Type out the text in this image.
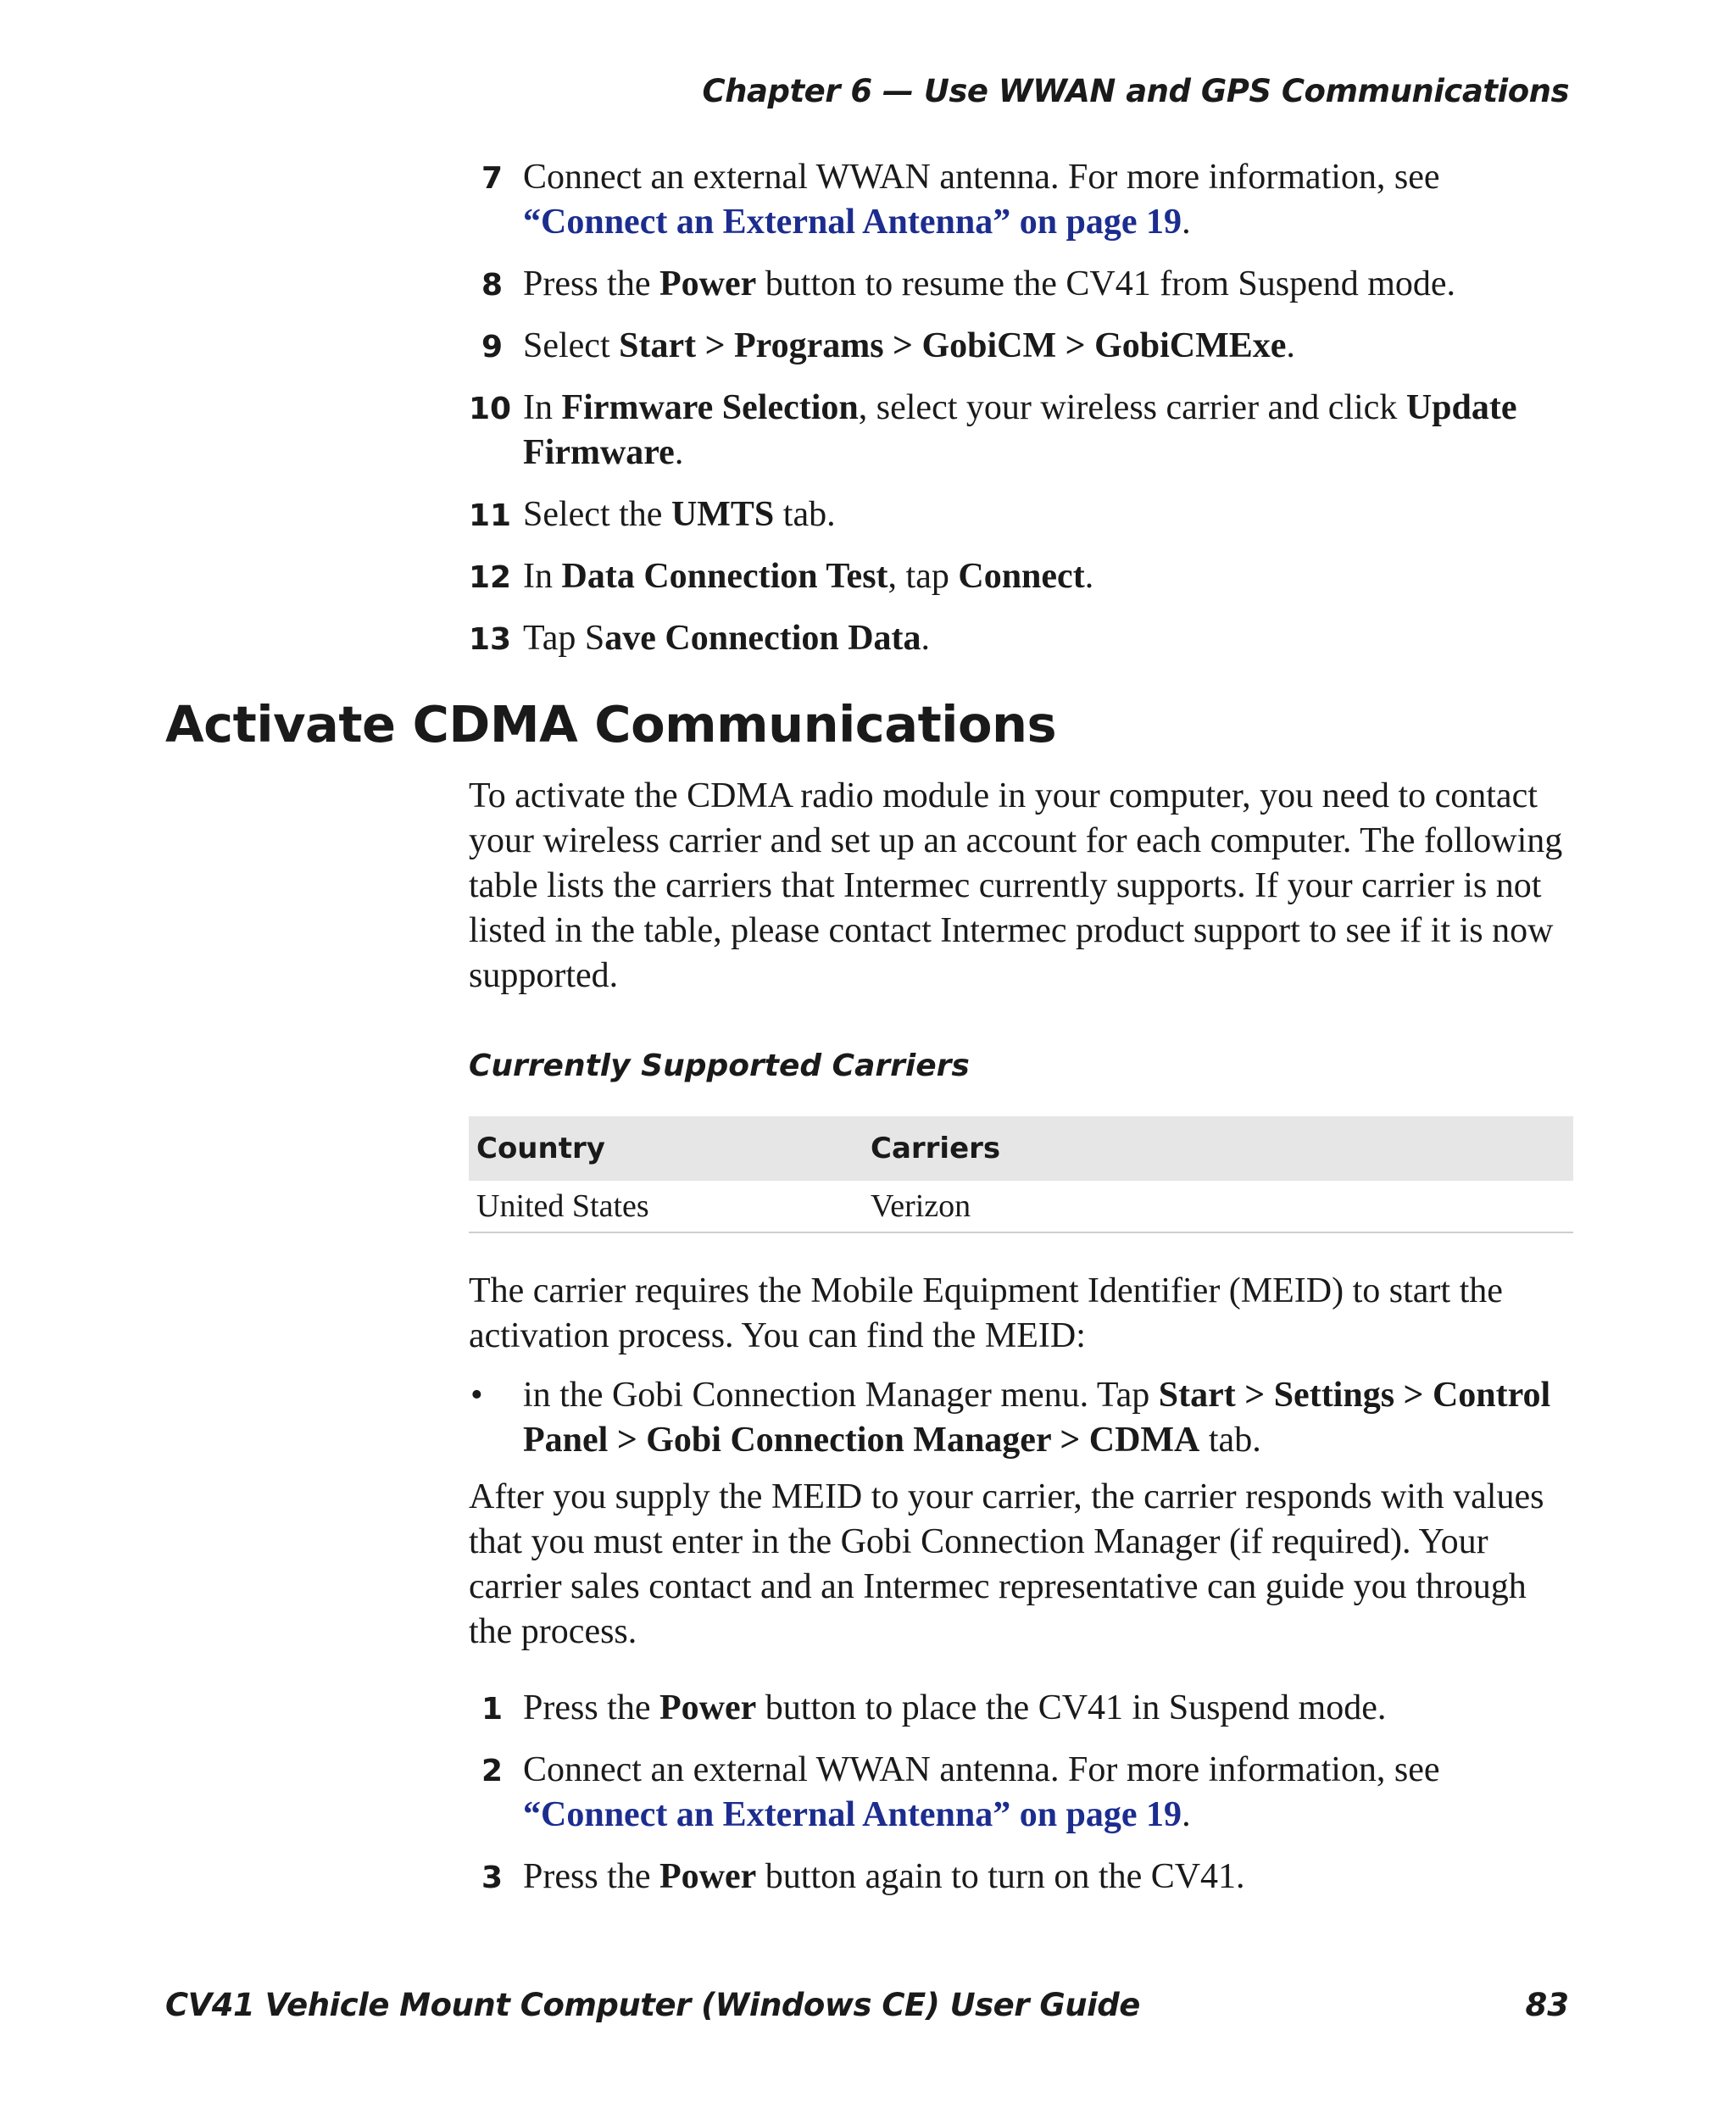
Chapter 6 — Use WWAN and GPS Communications
7 Connect an external WWAN antenna. For more information, see “Connect an External Antenna” on page 19.
8 Press the Power button to resume the CV41 from Suspend mode.
9 Select Start > Programs > GobiCM > GobiCMExe.
10 In Firmware Selection, select your wireless carrier and click Update Firmware.
11 Select the UMTS tab.
12 In Data Connection Test, tap Connect.
13 Tap Save Connection Data.
Activate CDMA Communications

To activate the CDMA radio module in your computer, you need to contact your wireless carrier and set up an account for each computer. The following table lists the carriers that Intermec currently supports. If your carrier is not listed in the table, please contact Intermec product support to see if it is now supported.

Currently Supported Carriers
Country	Carriers
United States	Verizon

The carrier requires the Mobile Equipment Identifier (MEID) to start the activation process. You can find the MEID:

• in the Gobi Connection Manager menu. Tap Start > Settings > Control Panel > Gobi Connection Manager > CDMA tab.

After you supply the MEID to your carrier, the carrier responds with values that you must enter in the Gobi Connection Manager (if required). Your carrier sales contact and an Intermec representative can guide you through the process.

1 Press the Power button to place the CV41 in Suspend mode.
2 Connect an external WWAN antenna. For more information, see “Connect an External Antenna” on page 19.
3 Press the Power button again to turn on the CV41.
CV41 Vehicle Mount Computer (Windows CE) User Guide	83
